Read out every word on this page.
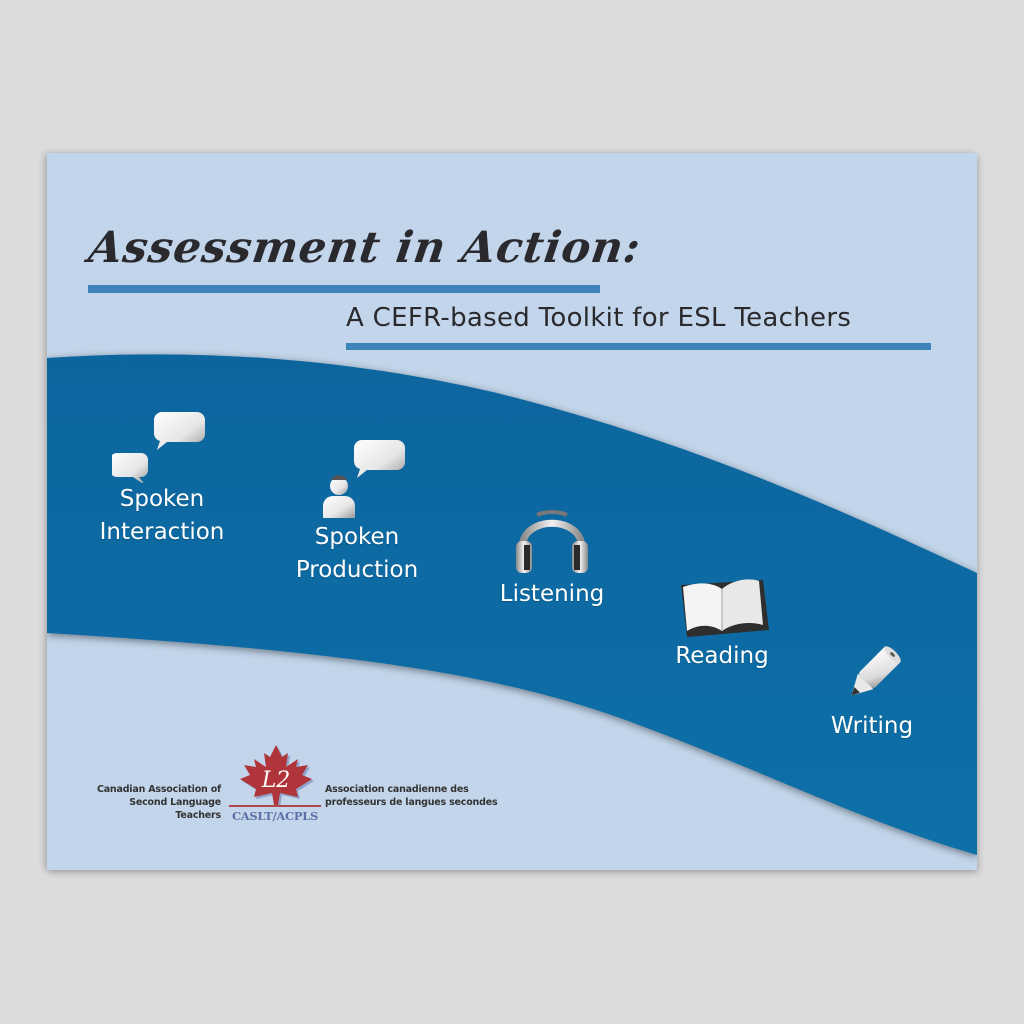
Assessment in Action:
A CEFR-based Toolkit for ESL Teachers
Spoken
Interaction	Spoken
Production
Listening
Reading
Writing
Canadian Association of
Second Language Teachers
L2
CASLT/ACPLS
Association canadienne des
professeurs de langues secondes
